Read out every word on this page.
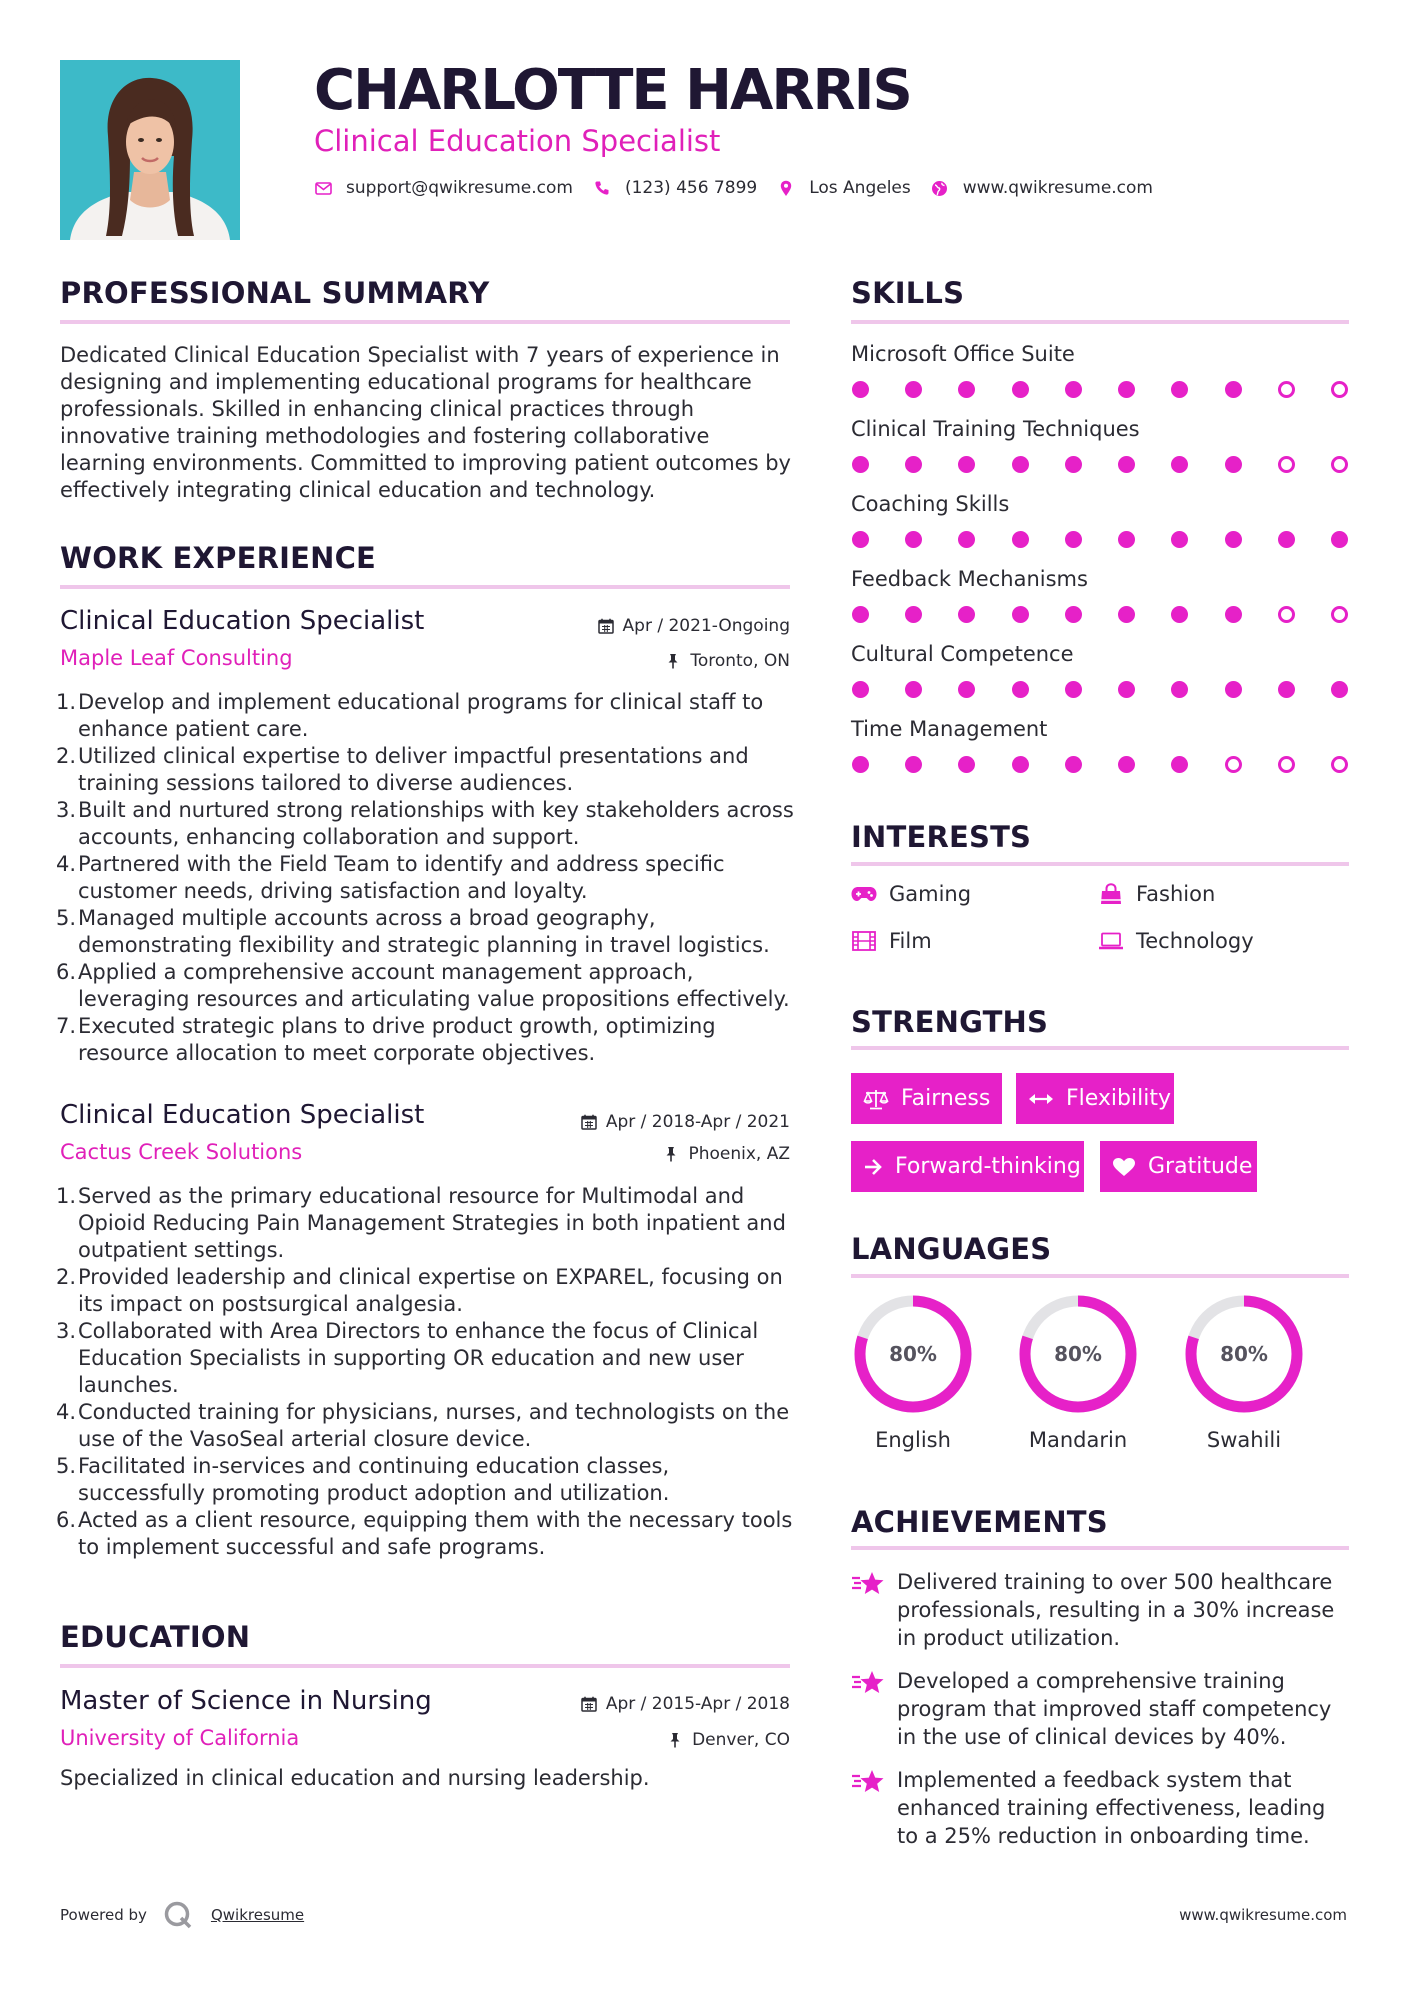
CHARLOTTE HARRIS
Clinical Education Specialist
support@qwikresume.com	(123) 456 7899	Los Angeles	www.qwikresume.com
PROFESSIONAL SUMMARY
Dedicated Clinical Education Specialist with 7 years of experience in designing and implementing educational programs for healthcare professionals. Skilled in enhancing clinical practices through innovative training methodologies and fostering collaborative learning environments. Committed to improving patient outcomes by effectively integrating clinical education and technology.
WORK EXPERIENCE
Clinical Education Specialist
Maple Leaf Consulting
Apr / 2021-Ongoing
Toronto, ON
1. Develop and implement educational programs for clinical staff to enhance patient care.
2. Utilized clinical expertise to deliver impactful presentations and training sessions tailored to diverse audiences.
3. Built and nurtured strong relationships with key stakeholders across accounts, enhancing collaboration and support.
4. Partnered with the Field Team to identify and address specific customer needs, driving satisfaction and loyalty.
5. Managed multiple accounts across a broad geography, demonstrating flexibility and strategic planning in travel logistics.
6. Applied a comprehensive account management approach, leveraging resources and articulating value propositions effectively.
7. Executed strategic plans to drive product growth, optimizing resource allocation to meet corporate objectives.
Clinical Education Specialist
Cactus Creek Solutions
Apr / 2018-Apr / 2021
Phoenix, AZ
1. Served as the primary educational resource for Multimodal and Opioid Reducing Pain Management Strategies in both inpatient and outpatient settings.
2. Provided leadership and clinical expertise on EXPAREL, focusing on its impact on postsurgical analgesia.
3. Collaborated with Area Directors to enhance the focus of Clinical Education Specialists in supporting OR education and new user launches.
4. Conducted training for physicians, nurses, and technologists on the use of the VasoSeal arterial closure device.
5. Facilitated in-services and continuing education classes, successfully promoting product adoption and utilization.
6. Acted as a client resource, equipping them with the necessary tools to implement successful and safe programs.
EDUCATION
Master of Science in Nursing
University of California
Apr / 2015-Apr / 2018
Denver, CO
Specialized in clinical education and nursing leadership.
SKILLS
Microsoft Office Suite
Clinical Training Techniques
Coaching Skills
Feedback Mechanisms
Cultural Competence
Time Management
INTERESTS
Gaming	Fashion
Film	Technology
STRENGTHS
Fairness	Flexibility
Forward-thinking	Gratitude
LANGUAGES
80%
English
80%
Mandarin
80%
Swahili
ACHIEVEMENTS
Delivered training to over 500 healthcare professionals, resulting in a 30% increase in product utilization.
Developed a comprehensive training program that improved staff competency in the use of clinical devices by 40%.
Implemented a feedback system that enhanced training effectiveness, leading to a 25% reduction in onboarding time.
Powered by	Qwikresume	www.qwikresume.com
